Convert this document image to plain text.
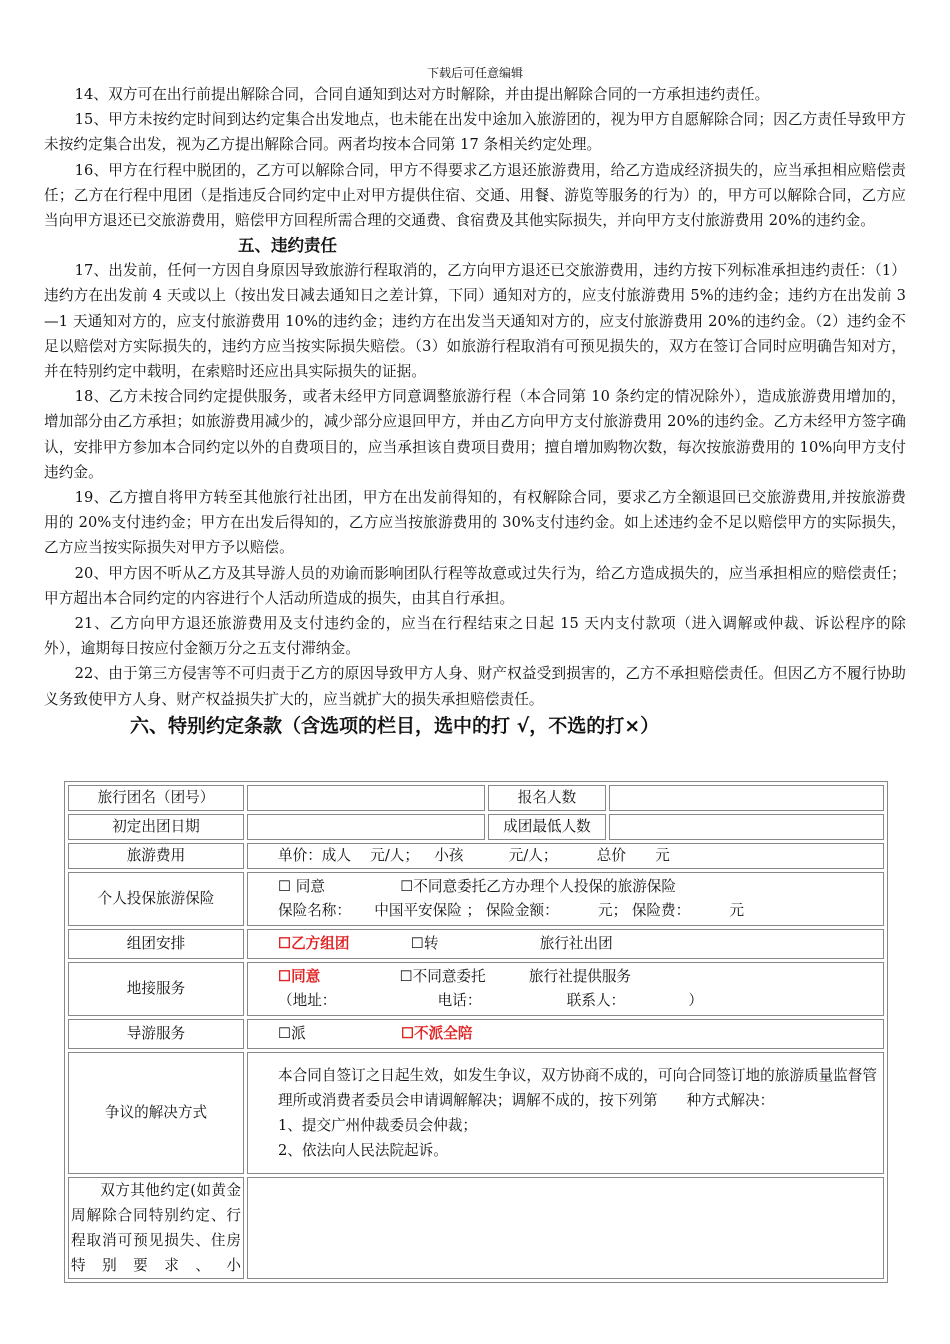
下载后可任意编辑

14、双方可在出行前提出解除合同，合同自通知到达对方时解除，并由提出解除合同的一方承担违约责任。

15、甲方未按约定时间到达约定集合出发地点，也未能在出发中途加入旅游团的，视为甲方自愿解除合同；因乙方责任导致甲方未按约定集合出发，视为乙方提出解除合同。两者均按本合同第 17 条相关约定处理。

16、甲方在行程中脱团的，乙方可以解除合同，甲方不得要求乙方退还旅游费用，给乙方造成经济损失的，应当承担相应赔偿责任；乙方在行程中甩团（是指违反合同约定中止对甲方提供住宿、交通、用餐、游览等服务的行为）的，甲方可以解除合同，乙方应当向甲方退还已交旅游费用，赔偿甲方回程所需合理的交通费、食宿费及其他实际损失，并向甲方支付旅游费用 20%的违约金。

五、违约责任

17、出发前，任何一方因自身原因导致旅游行程取消的，乙方向甲方退还已交旅游费用，违约方按下列标准承担违约责任：（1）违约方在出发前 4 天或以上（按出发日减去通知日之差计算，下同）通知对方的，应支付旅游费用 5%的违约金；违约方在出发前 3—1 天通知对方的，应支付旅游费用 10%的违约金；违约方在出发当天通知对方的，应支付旅游费用 20%的违约金。（2）违约金不足以赔偿对方实际损失的，违约方应当按实际损失赔偿。（3）如旅游行程取消有可预见损失的，双方在签订合同时应明确告知对方，并在特别约定中载明，在索赔时还应出具实际损失的证据。

18、乙方未按合同约定提供服务，或者未经甲方同意调整旅游行程（本合同第 10 条约定的情况除外），造成旅游费用增加的，增加部分由乙方承担；如旅游费用减少的，减少部分应退回甲方，并由乙方向甲方支付旅游费用 20%的违约金。乙方未经甲方签字确认，安排甲方参加本合同约定以外的自费项目的，应当承担该自费项目费用；擅自增加购物次数，每次按旅游费用的 10%向甲方支付违约金。

19、乙方擅自将甲方转至其他旅行社出团，甲方在出发前得知的，有权解除合同，要求乙方全额退回已交旅游费用,并按旅游费用的 20%支付违约金；甲方在出发后得知的，乙方应当按旅游费用的 30%支付违约金。如上述违约金不足以赔偿甲方的实际损失，乙方应当按实际损失对甲方予以赔偿。

20、甲方因不听从乙方及其导游人员的劝谕而影响团队行程等故意或过失行为，给乙方造成损失的，应当承担相应的赔偿责任；甲方超出本合同约定的内容进行个人活动所造成的损失，由其自行承担。

21、乙方向甲方退还旅游费用及支付违约金的，应当在行程结束之日起 15 天内支付款项（进入调解或仲裁、诉讼程序的除外），逾期每日按应付金额万分之五支付滞纳金。

22、由于第三方侵害等不可归责于乙方的原因导致甲方人身、财产权益受到损害的，乙方不承担赔偿责任。但因乙方不履行协助义务致使甲方人身、财产权益损失扩大的，应当就扩大的损失承担赔偿责任。

六、特别约定条款（含选项的栏目，选中的打 √，不选的打×）

旅行团名（团号）		报名人数	
初定出团日期		成团最低人数	
旅游费用	单价：成人 元/人； 小孩 元/人； 总价 元		
个人投保旅游保险	☐ 同意 ☐不同意委托乙方办理个人投保的旅游保险
保险名称： 中国平安保险 ； 保险金额： 元； 保险费： 元		

组团安排	☐乙方组团 ☐转 旅行社出团		
地接服务	☐同意 ☐不同意委托 旅行社提供服务
（地址： 电话： 联系人： ）		

导游服务	☐派 ☐不派全陪		
争议的解决方式	本合同自签订之日起生效，如发生争议，双方协商不成的，可向合同签订地的旅游质量监督管理所或消费者委员会申请调解解决；调解不成的，按下列第　　种方式解决：
1、提交广州仲裁委员会仲裁；
2、依法向人民法院起诉。		

双方其他约定(如黄金周解除合同特别约定、行程取消可预见损失、住房特别要求、小			
